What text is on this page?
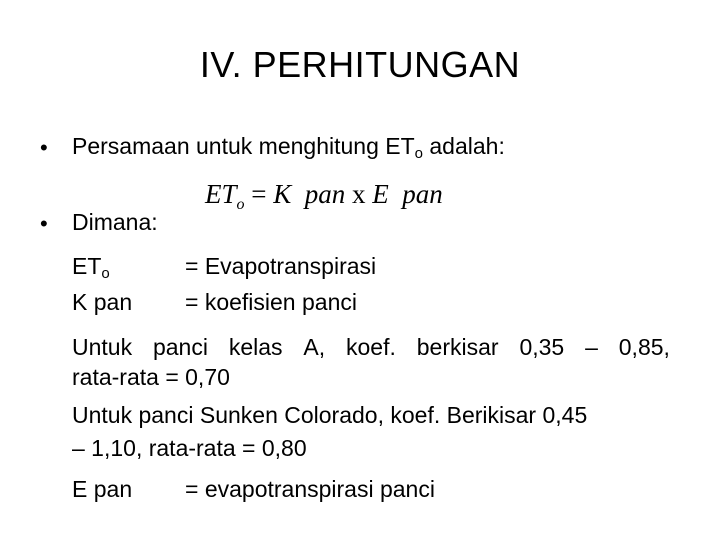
IV. PERHITUNGAN
• Persamaan untuk menghitung $ET_o$ adalah:
$ET_o = K$ pan x E pan
• Dimana:
$ET_o$	= Evapotranspirasi
K pan = koefisien panci
Untuk panci kelas A, koef. berkisar 0,35 – 0,85,
rata-rata = 0,70
Untuk panci Sunken Colorado, koef. Berikisar 0,45
– 1,10, rata-rata = 0,80
E pan = evapotranspirasi panci
